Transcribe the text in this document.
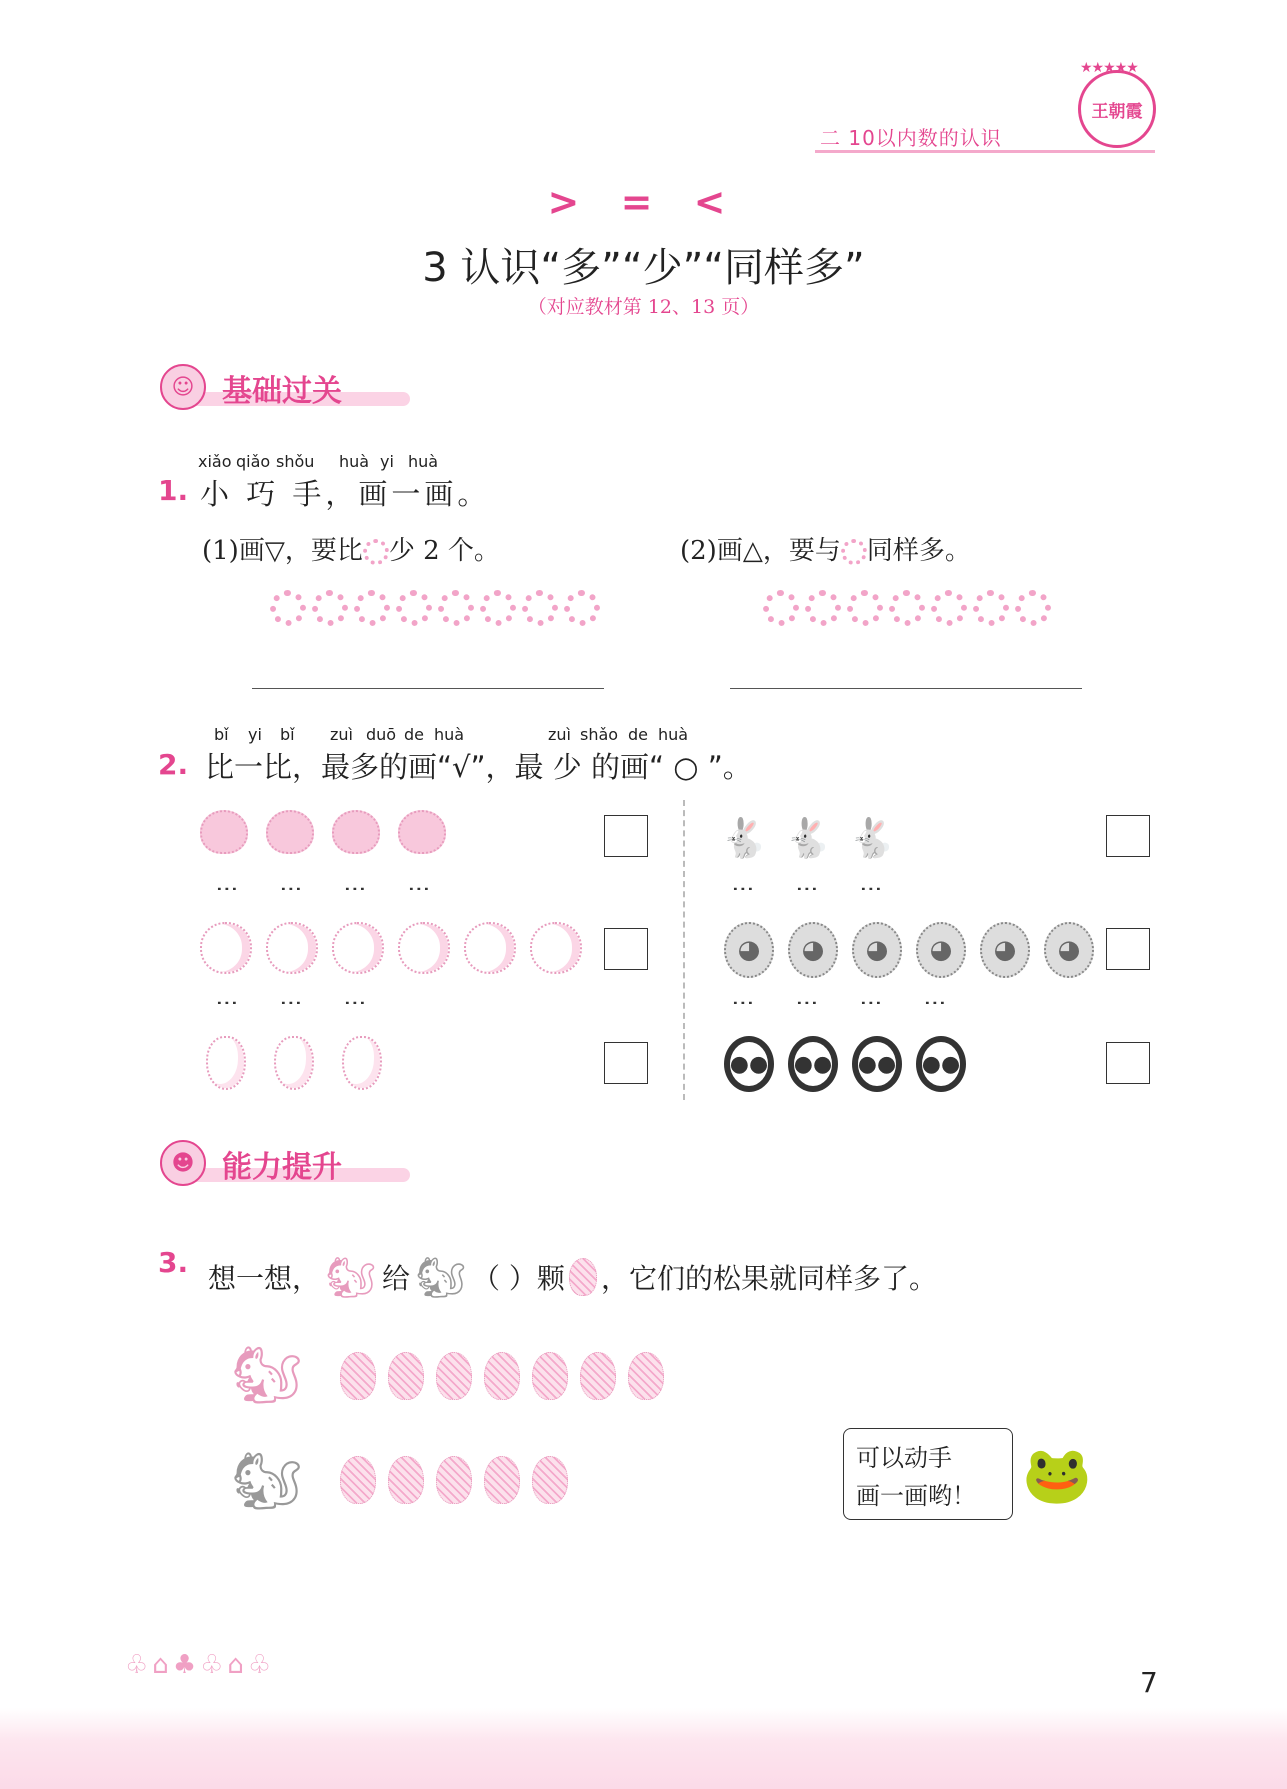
二 10以内数的认识
★★★★★
王朝霞
> = <
3 认识“多”“少”“同样多”
（对应教材第 12、13 页）
☺ 基础过关
xiǎo qiǎo shǒu huà yi huà
1. 小 巧 手，画一画。
(1)画▽，要比 少 2 个。	(2)画△，要与 同样多。
bǐ yi bǐ zuì duō de huà	zuì shǎo de huà
2. 比一比，最多的画“√”，最 少 的画“ ○ ”。
⋮ ⋮ ⋮ ⋮
⋮ ⋮ ⋮
🐇 🐇 🐇
⋮ ⋮ ⋮
◕	◕	◕	◕	◕	◕
⋮ ⋮ ⋮ ⋮
●● ●● ●● ●●
☻ 能力提升
3. 想一想， 🐿 给 🐿 （ ）颗 ，它们的松果就同样多了。
🐿
🐿	可以动手
画一画哟！ 🐸
♧⌂♣♧⌂♧
7
